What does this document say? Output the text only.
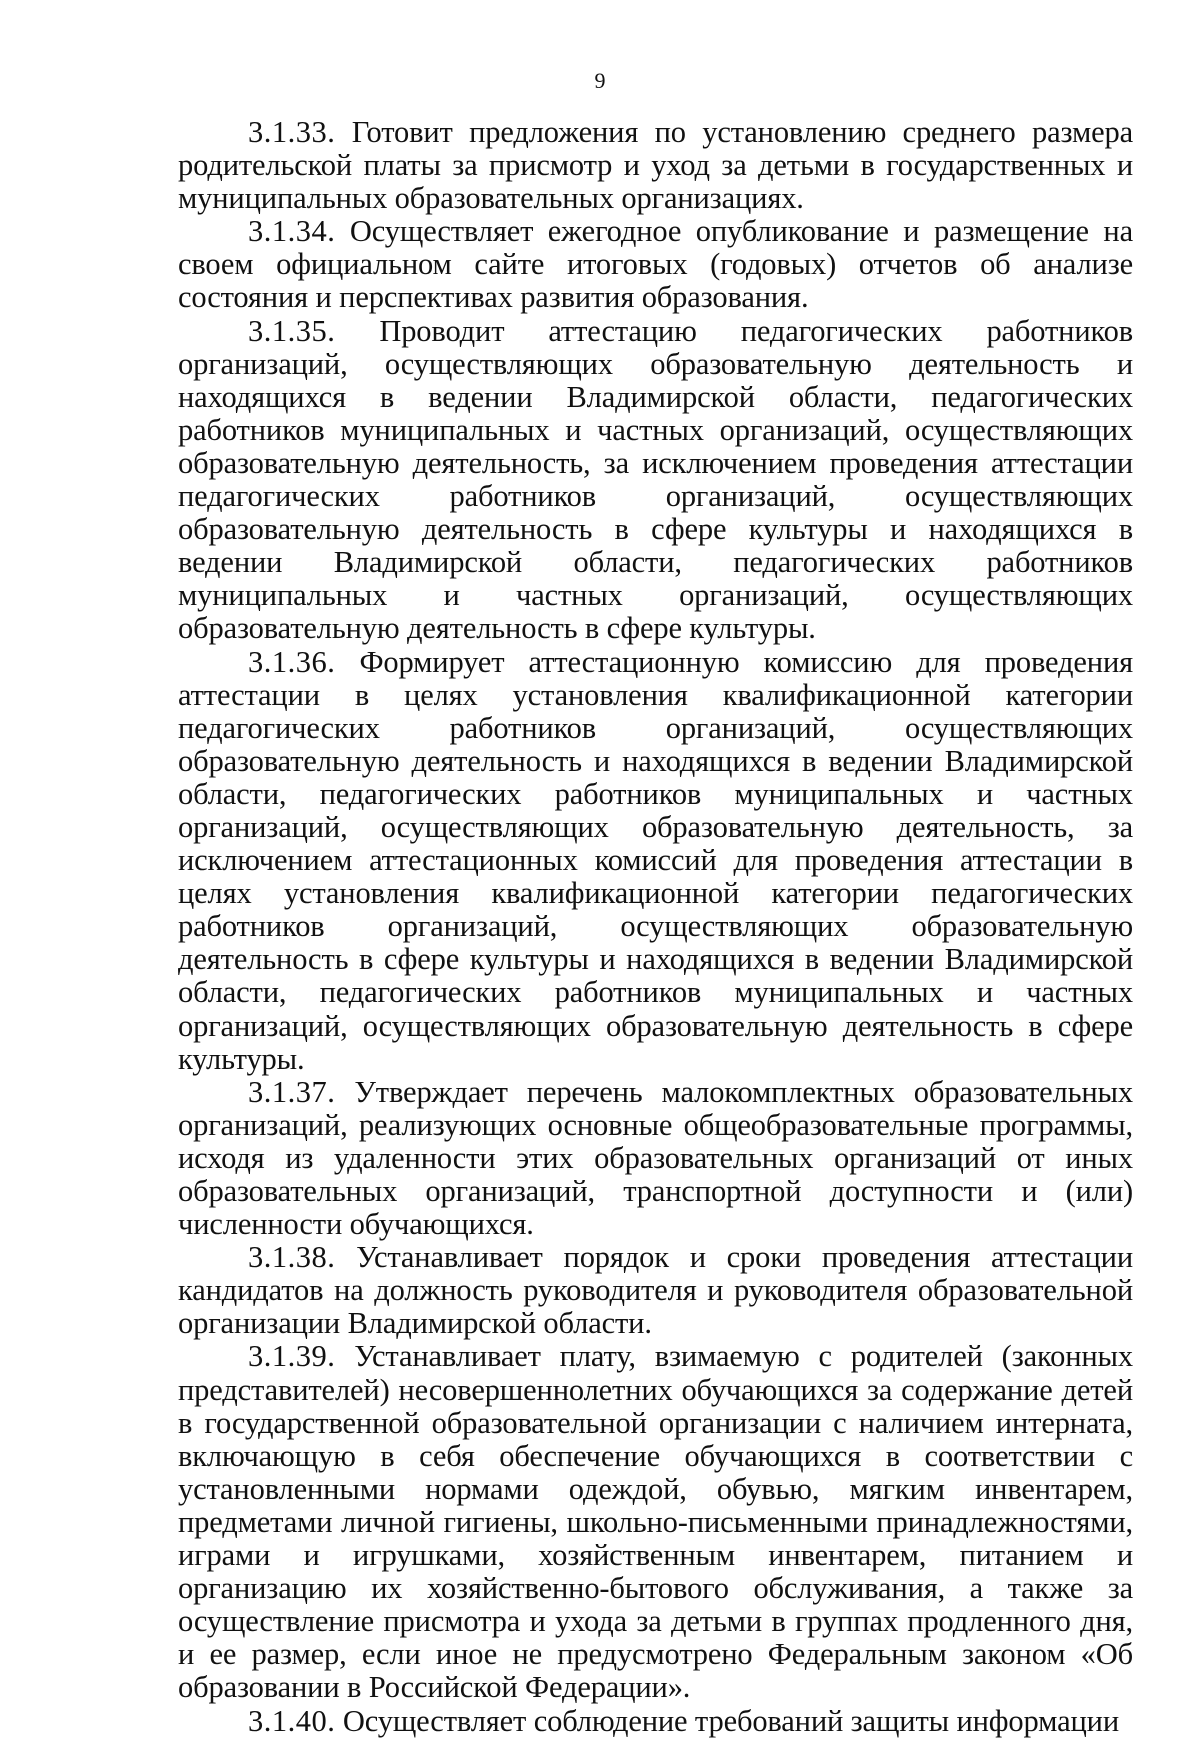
9

3.1.33. Готовит предложения по установлению среднего размера родительской платы за присмотр и уход за детьми в государственных и муниципальных образовательных организациях.

3.1.34. Осуществляет ежегодное опубликование и размещение на своем официальном сайте итоговых (годовых) отчетов об анализе состояния и перспективах развития образования.

3.1.35. Проводит аттестацию педагогических работников организаций, осуществляющих образовательную деятельность и находящихся в ведении Владимирской области, педагогических работников муниципальных и частных организаций, осуществляющих образовательную деятельность, за исключением проведения аттестации педагогических работников организаций, осуществляющих образовательную деятельность в сфере культуры и находящихся в ведении Владимирской области, педагогических работников муниципальных и частных организаций, осуществляющих образовательную деятельность в сфере культуры.

3.1.36. Формирует аттестационную комиссию для проведения аттестации в целях установления квалификационной категории педагогических работников организаций, осуществляющих образовательную деятельность и находящихся в ведении Владимирской области, педагогических работников муниципальных и частных организаций, осуществляющих образовательную деятельность, за исключением аттестационных комиссий для проведения аттестации в целях установления квалификационной категории педагогических работников организаций, осуществляющих образовательную деятельность в сфере культуры и находящихся в ведении Владимирской области, педагогических работников муниципальных и частных организаций, осуществляющих образовательную деятельность в сфере культуры.

3.1.37. Утверждает перечень малокомплектных образовательных организаций, реализующих основные общеобразовательные программы, исходя из удаленности этих образовательных организаций от иных образовательных организаций, транспортной доступности и (или) численности обучающихся.

3.1.38. Устанавливает порядок и сроки проведения аттестации кандидатов на должность руководителя и руководителя образовательной организации Владимирской области.

3.1.39. Устанавливает плату, взимаемую с родителей (законных представителей) несовершеннолетних обучающихся за содержание детей в государственной образовательной организации с наличием интерната, включающую в себя обеспечение обучающихся в соответствии с установленными нормами одеждой, обувью, мягким инвентарем, предметами личной гигиены, школьно-письменными принадлежностями, играми и игрушками, хозяйственным инвентарем, питанием и организацию их хозяйственно-бытового обслуживания, а также за осуществление присмотра и ухода за детьми в группах продленного дня, и ее размер, если иное не предусмотрено Федеральным законом «Об образовании в Российской Федерации».

3.1.40. Осуществляет соблюдение требований защиты информации
